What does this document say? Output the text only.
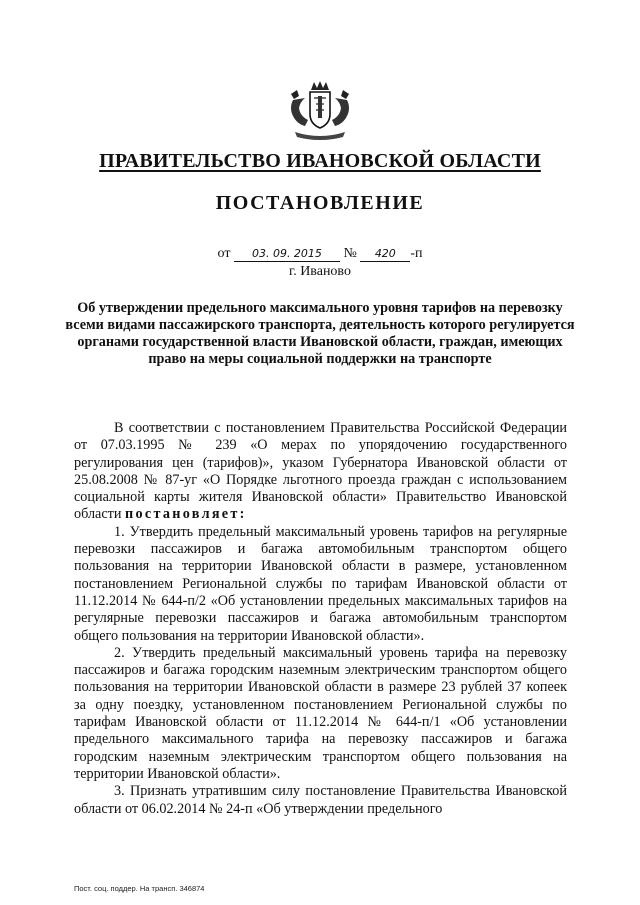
ПРАВИТЕЛЬСТВО ИВАНОВСКОЙ ОБЛАСТИ
ПОСТАНОВЛЕНИЕ
от 03. 09. 2015 № 420 -п
г. Иваново
Об утверждении предельного максимального уровня тарифов на перевозку всеми видами пассажирского транспорта, деятельность которого регулируется органами государственной власти Ивановской области, граждан, имеющих право на меры социальной поддержки на транспорте

В соответствии с постановлением Правительства Российской Федерации от 07.03.1995 № 239 «О мерах по упорядочению государственного регулирования цен (тарифов)», указом Губернатора Ивановской области от 25.08.2008 № 87-уг «О Порядке льготного проезда граждан с использованием социальной карты жителя Ивановской области» Правительство Ивановской области постановляет:

1. Утвердить предельный максимальный уровень тарифов на регулярные перевозки пассажиров и багажа автомобильным транспортом общего пользования на территории Ивановской области в размере, установленном постановлением Региональной службы по тарифам Ивановской области от 11.12.2014 № 644-п/2 «Об установлении предельных максимальных тарифов на регулярные перевозки пассажиров и багажа автомобильным транспортом общего пользования на территории Ивановской области».

2. Утвердить предельный максимальный уровень тарифа на перевозку пассажиров и багажа городским наземным электрическим транспортом общего пользования на территории Ивановской области в размере 23 рублей 37 копеек за одну поездку, установленном постановлением Региональной службы по тарифам Ивановской области от 11.12.2014 № 644-п/1 «Об установлении предельного максимального тарифа на перевозку пассажиров и багажа городским наземным электрическим транспортом общего пользования на территории Ивановской области».

3. Признать утратившим силу постановление Правительства Ивановской области от 06.02.2014 № 24-п «Об утверждении предельного

Пост. соц. поддер. На трансп. 346874
